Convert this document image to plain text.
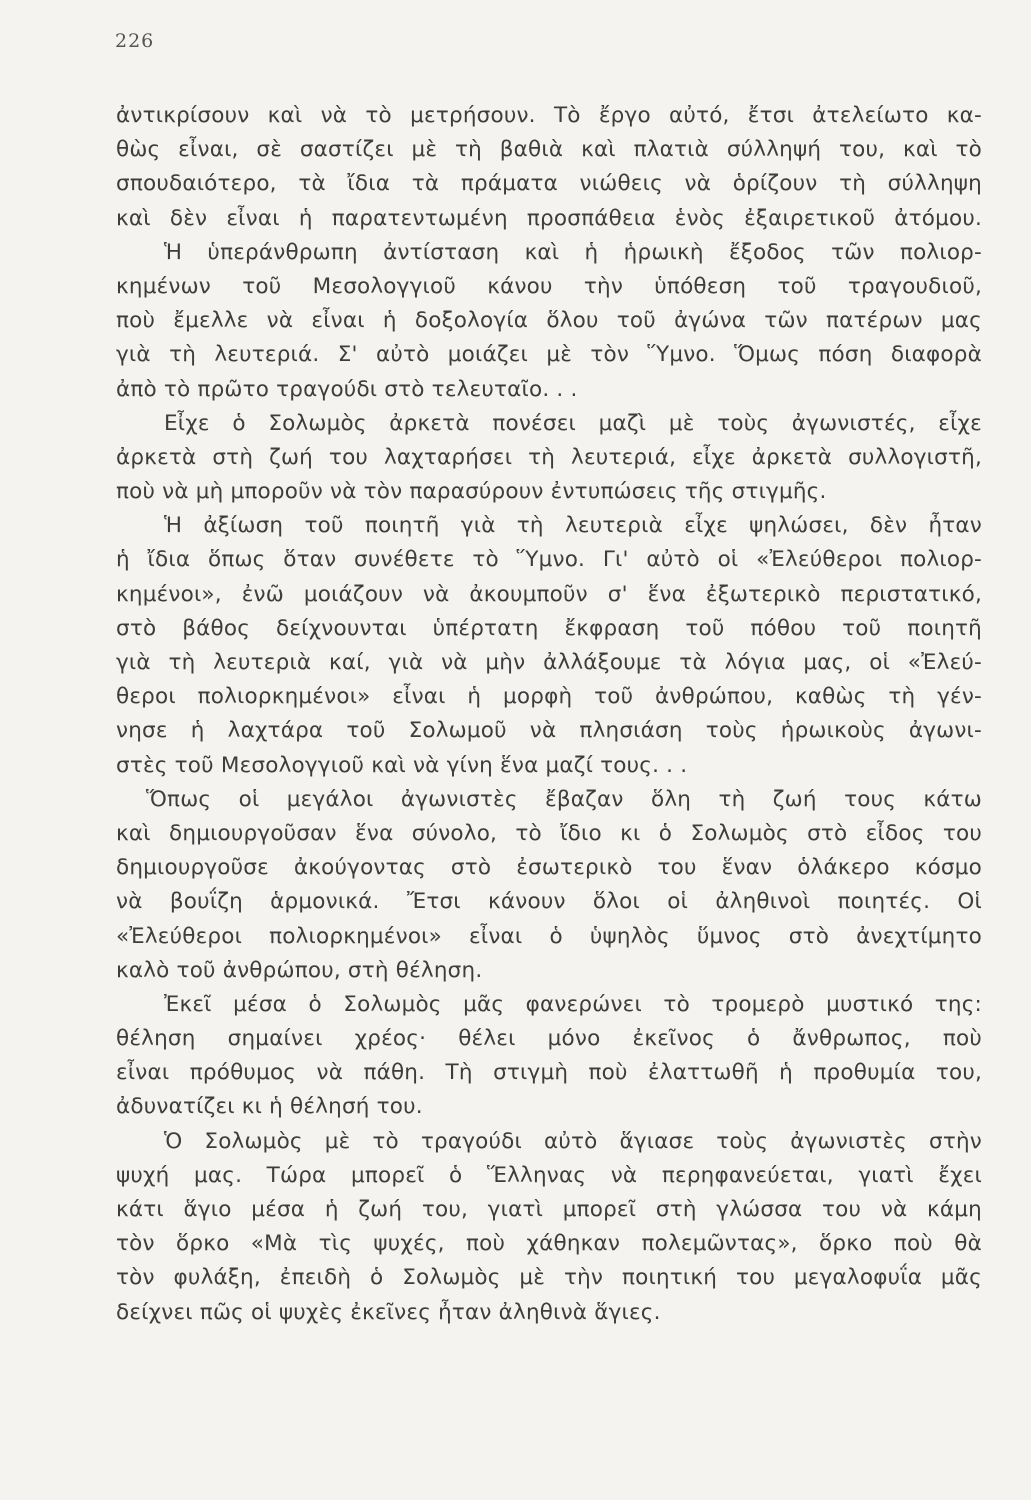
226
ἀντικρίσουν καὶ νὰ τὸ μετρήσουν. Τὸ ἔργο αὐτό, ἔτσι ἀτελείωτο κα-
θὼς εἶναι, σὲ σαστίζει μὲ τὴ βαθιὰ καὶ πλατιὰ σύλληψή του, καὶ τὸ
σπουδαιότερο, τὰ ἴδια τὰ πράματα νιώθεις νὰ ὁρίζουν τὴ σύλληψη
καὶ δὲν εἶναι ἡ παρατεντωμένη προσπάθεια ἑνὸς ἐξαιρετικοῦ ἀτόμου.
Ἡ ὑπεράνθρωπη ἀντίσταση καὶ ἡ ἡρωικὴ ἔξοδος τῶν πολιορ-
κημένων τοῦ Μεσολογγιοῦ κάνου τὴν ὑπόθεση τοῦ τραγουδιοῦ,
ποὺ ἔμελλε νὰ εἶναι ἡ δοξολογία ὅλου τοῦ ἀγώνα τῶν πατέρων μας
γιὰ τὴ λευτεριά. Σ' αὐτὸ μοιάζει μὲ τὸν Ὕμνο. Ὅμως πόση διαφορὰ
ἀπὸ τὸ πρῶτο τραγούδι στὸ τελευταῖο. . .
Εἶχε ὁ Σολωμὸς ἀρκετὰ πονέσει μαζὶ μὲ τοὺς ἀγωνιστές, εἶχε
ἀρκετὰ στὴ ζωή του λαχταρήσει τὴ λευτεριά, εἶχε ἀρκετὰ συλλογιστῆ,
ποὺ νὰ μὴ μποροῦν νὰ τὸν παρασύρουν ἐντυπώσεις τῆς στιγμῆς.
Ἡ ἀξίωση τοῦ ποιητῆ γιὰ τὴ λευτεριὰ εἶχε ψηλώσει, δὲν ἦταν
ἡ ἴδια ὅπως ὅταν συνέθετε τὸ Ὕμνο. Γι' αὐτὸ οἱ «Ἐλεύθεροι πολιορ-
κημένοι», ἐνῶ μοιάζουν νὰ ἀκουμποῦν σ' ἕνα ἐξωτερικὸ περιστατικό,
στὸ βάθος δείχνουνται ὑπέρτατη ἔκφραση τοῦ πόθου τοῦ ποιητῆ
γιὰ τὴ λευτεριὰ καί, γιὰ νὰ μὴν ἀλλάξουμε τὰ λόγια μας, οἱ «Ἐλεύ-
θεροι πολιορκημένοι» εἶναι ἡ μορφὴ τοῦ ἀνθρώπου, καθὼς τὴ γέν-
νησε ἡ λαχτάρα τοῦ Σολωμοῦ νὰ πλησιάση τοὺς ἡρωικοὺς ἀγωνι-
στὲς τοῦ Μεσολογγιοῦ καὶ νὰ γίνη ἕνα μαζί τους. . .
Ὅπως οἱ μεγάλοι ἀγωνιστὲς ἔβαζαν ὅλη τὴ ζωή τους κάτω
καὶ δημιουργοῦσαν ἕνα σύνολο, τὸ ἴδιο κι ὁ Σολωμὸς στὸ εἶδος του
δημιουργοῦσε ἀκούγοντας στὸ ἐσωτερικὸ του ἕναν ὁλάκερο κόσμο
νὰ βουΐζη ἁρμονικά. Ἔτσι κάνουν ὅλοι οἱ ἀληθινοὶ ποιητές. Οἱ
«Ἐλεύθεροι πολιορκημένοι» εἶναι ὁ ὑψηλὸς ὕμνος στὸ ἀνεχτίμητο
καλὸ τοῦ ἀνθρώπου, στὴ θέληση.
Ἐκεῖ μέσα ὁ Σολωμὸς μᾶς φανερώνει τὸ τρομερὸ μυστικό της:
θέληση σημαίνει χρέος· θέλει μόνο ἐκεῖνος ὁ ἄνθρωπος, ποὺ
εἶναι πρόθυμος νὰ πάθη. Τὴ στιγμὴ ποὺ ἐλαττωθῆ ἡ προθυμία του,
ἀδυνατίζει κι ἡ θέλησή του.
Ὁ Σολωμὸς μὲ τὸ τραγούδι αὐτὸ ἅγιασε τοὺς ἀγωνιστὲς στὴν
ψυχή μας. Τώρα μπορεῖ ὁ Ἕλληνας νὰ περηφανεύεται, γιατὶ ἔχει
κάτι ἅγιο μέσα ἡ ζωή του, γιατὶ μπορεῖ στὴ γλώσσα του νὰ κάμη
τὸν ὅρκο «Μὰ τὶς ψυχές, ποὺ χάθηκαν πολεμῶντας», ὅρκο ποὺ θὰ
τὸν φυλάξη, ἐπειδὴ ὁ Σολωμὸς μὲ τὴν ποιητική του μεγαλοφυΐα μᾶς
δείχνει πῶς οἱ ψυχὲς ἐκεῖνες ἦταν ἀληθινὰ ἅγιες.
